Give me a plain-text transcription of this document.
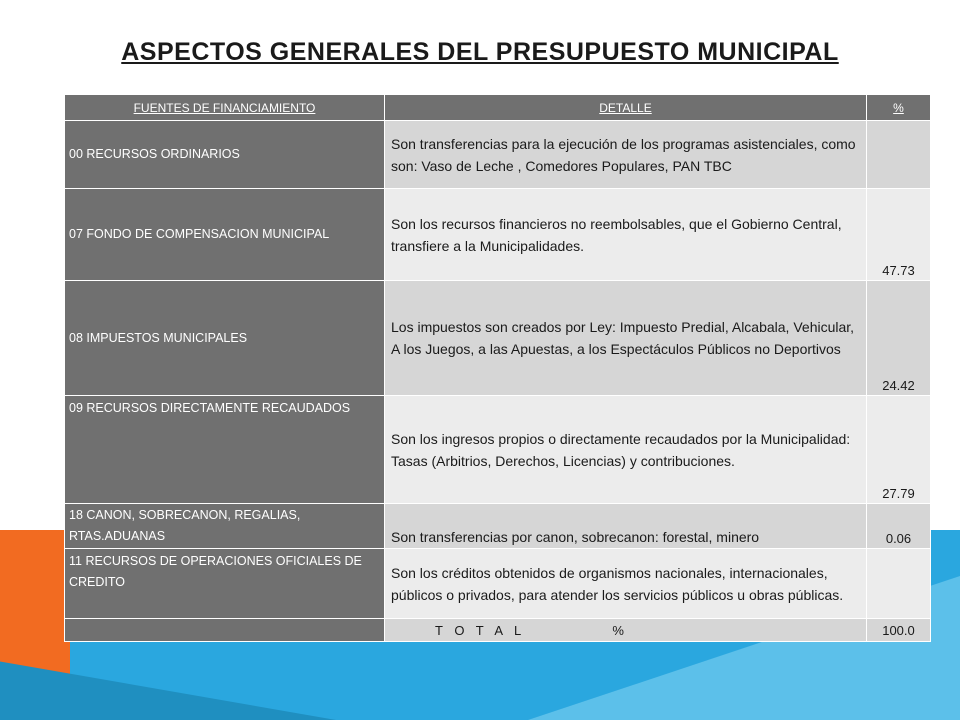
ASPECTOS GENERALES DEL PRESUPUESTO MUNICIPAL
FUENTES DE FINANCIAMIENTO	DETALLE	%
00 RECURSOS ORDINARIOS	Son transferencias para la ejecución de los programas asistenciales, como son: Vaso de Leche , Comedores Populares, PAN TBC	
07 FONDO DE COMPENSACION MUNICIPAL	Son los recursos financieros no reembolsables, que el Gobierno Central, transfiere a la Municipalidades.	47.73
08 IMPUESTOS MUNICIPALES	Los impuestos son creados por Ley: Impuesto Predial, Alcabala, Vehicular, A los Juegos, a las Apuestas, a los Espectáculos Públicos no Deportivos	24.42
09 RECURSOS DIRECTAMENTE RECAUDADOS	Son los ingresos propios o directamente recaudados por la Municipalidad: Tasas (Arbitrios, Derechos, Licencias) y contribuciones.	27.79
18 CANON, SOBRECANON, REGALIAS, RTAS.ADUANAS	Son transferencias por canon, sobrecanon: forestal, minero	0.06
11 RECURSOS DE OPERACIONES OFICIALES DE CREDITO	Son los créditos obtenidos de organismos nacionales, internacionales, públicos o privados, para atender los servicios públicos u obras públicas.	
	T O T A L %	100.0
